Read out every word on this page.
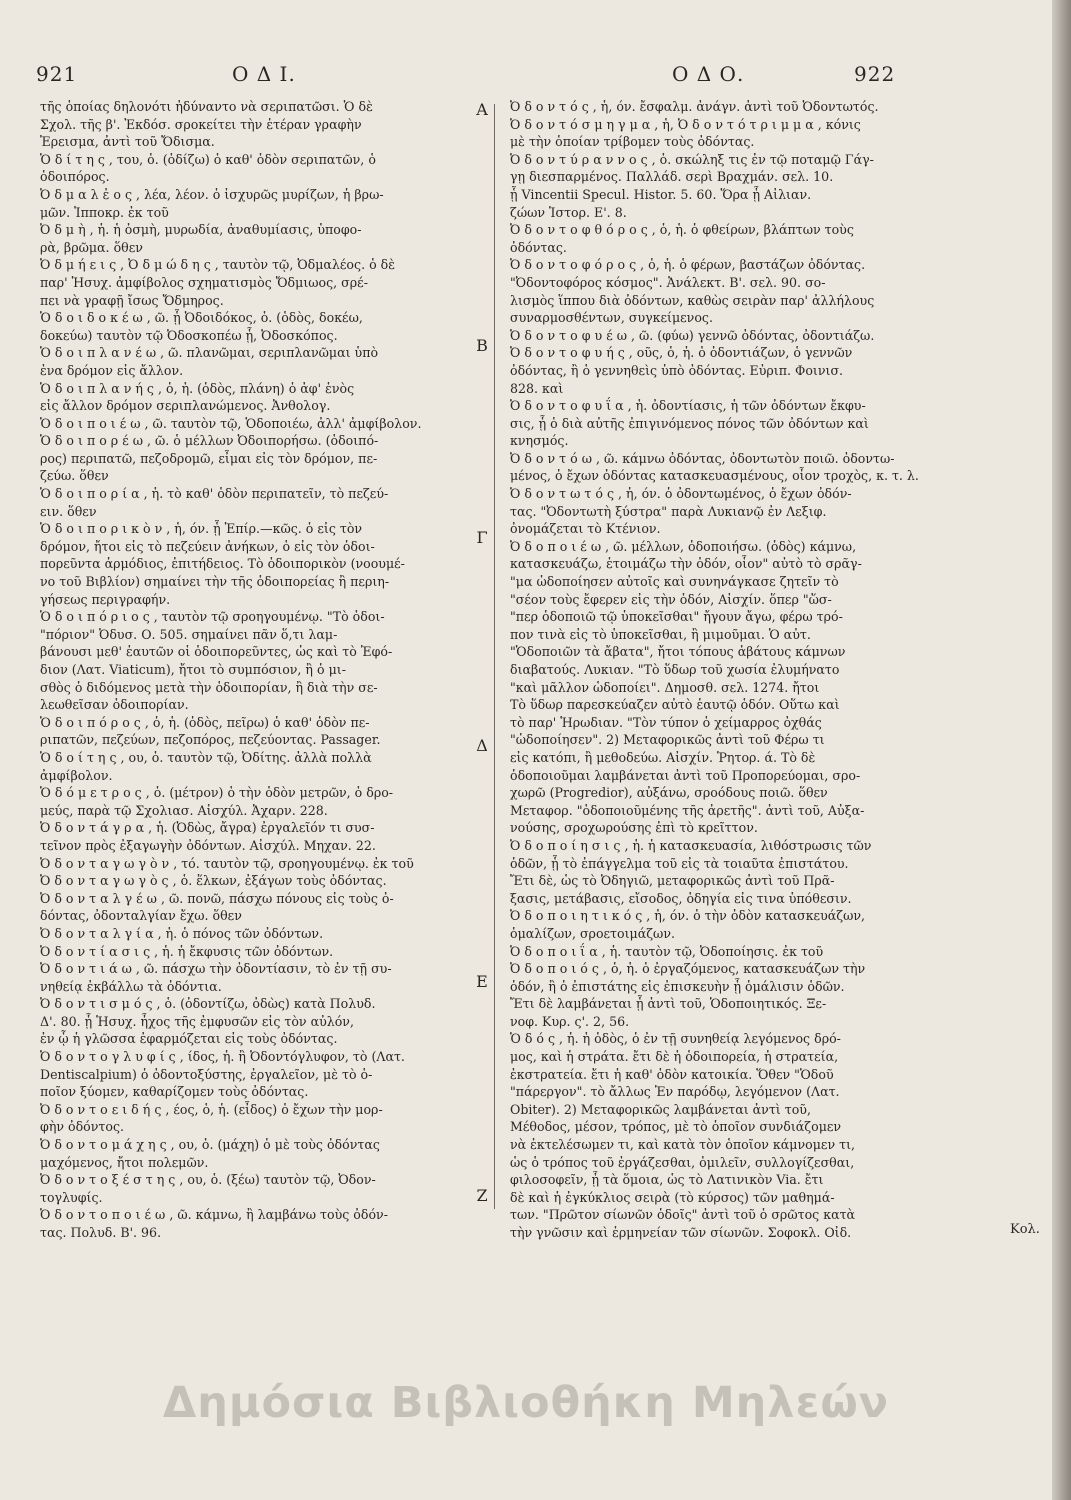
921	Ο Δ Ι.	Ο Δ Ο.	922
τῆς ὁποίας δηλονότι ἠδύναντο νὰ σεριπατῶσι. Ὁ δὲ
Σχολ. τῆς β'. Ἐκδόσ. σροκείτει τὴν ἑτέραν γραφὴν
Ἐρεισμα, ἀντὶ τοῦ Ὄδισμα.
Ὁ δ ί τ η ς , του, ὁ. (ὁδίζω) ὁ καθ' ὁδὸν σεριπατῶν, ὁ
ὁδοιπόρος.
Ὀ δ μ α λ ἐ ο ς , λέα, λέον. ὁ ἰσχυρῶς μυρίζων, ἡ βρω-
μῶν. Ἱπποκρ. ἐκ τοῦ
Ὀ δ μ ὴ , ἡ. ἡ ὀσμὴ, μυρωδία, ἀναθυμίασις, ὑποφο-
ρὰ, βρῶμα. ὅθεν
Ὀ δ μ ή ε ι ς , Ὀ δ μ ώ δ η ς , ταυτὸν τῷ, Ὀδμαλέος. ὁ δὲ
παρ' Ἡσυχ. ἀμφίβολος σχηματισμὸς Ὄδμιωος, σρέ-
πει νὰ γραφῇ ἴσως Ὄδμηρος.
Ὁ δ ο ι δ ο κ έ ω , ῶ. ᾗ Ὀδοιδόκος, ὁ. (ὁδὸς, δοκέω,
δοκεύω) ταυτὸν τῷ Ὀδοσκοπέω ᾗ, Ὀδοσκόπος.
Ὁ δ ο ι π λ α ν έ ω , ῶ. πλανῶμαι, σεριπλανῶμαι ὑπὸ
ἐνα δρόμον εἰς ἄλλον.
Ὁ δ ο ι π λ α ν ή ς , ὁ, ἡ. (ὁδὸς, πλάνη) ὁ ἀφ' ἑνὸς
εἰς ἄλλον δρόμον σεριπλανώμενος. Ἀνθολογ.
Ὁ δ ο ι π ο ι έ ω , ῶ. ταυτὸν τῷ, Ὁδοποιέω, ἀλλ' ἀμφίβολον.
Ὁ δ ο ι π ο ρ έ ω , ῶ. ὁ μέλλων Ὀδοιπορήσω. (ὁδοιπό-
ρος) περιπατῶ, πεζοδρομῶ, εἶμαι εἰς τὸν δρόμον, πε-
ζεύω. ὅθεν
Ὁ δ ο ι π ο ρ ί α , ἡ. τὸ καθ' ὁδὸν περιπατεῖν, τὸ πεζεύ-
ειν. ὅθεν
Ὁ δ ο ι π ο ρ ι κ ὸ ν , ἡ, όν. ᾗ Ἐπίρ.—κῶς. ὁ εἰς τὸν
δρόμον, ἤτοι εἰς τὸ πεζεύειν ἀνήκων, ὁ εἰς τὸν ὁδοι-
πορεῦντα ἁρμόδιος, ἐπιτήδειος. Τὸ ὁδοιπορικὸν (νοουμέ-
νο τοῦ Βιβλίον) σημαίνει τὴν τῆς ὁδοιπορείας ἢ περιη-
γήσεως περιγραφήν.
Ὁ δ ο ι π ό ρ ι ο ς , ταυτὸν τῷ σροηγουμένῳ. "Τὸ ὁδοι-
"πόριον" Ὀδυσ. Ο. 505. σημαίνει πᾶν ὅ,τι λαμ-
βάνουσι μεθ' ἑαυτῶν οἱ ὁδοιπορεῦντες, ὡς καὶ τὸ Ἐφό-
διον (Λατ. Viaticum), ἤτοι τὸ συμπόσιον, ἢ ὁ μι-
σθὸς ὁ διδόμενος μετὰ τὴν ὁδοιπορίαν, ἢ διὰ τὴν σε-
λεωθεῖσαν ὁδοιπορίαν.
Ὁ δ ο ι π ό ρ ο ς , ὁ, ἡ. (ὁδὸς, πεῖρω) ὁ καθ' ὁδὸν πε-
ριπατῶν, πεζεύων, πεζοπόρος, πεζεύοντας. Passager.
Ὁ δ ο ί τ η ς , ου, ὁ. ταυτὸν τῷ, Ὀδίτης. ἀλλὰ πολλὰ
ἀμφίβολον.
Ὁ δ ό μ ε τ ρ ο ς , ὁ. (μέτρον) ὁ τὴν ὁδὸν μετρῶν, ὁ δρο-
μεύς, παρὰ τῷ Σχολιασ. Αἰσχύλ. Ἀχαρν. 228.
Ὀ δ ο ν τ ά γ ρ α , ἡ. (Ὀδὼς, ἄγρα) ἐργαλεῖόν τι συσ-
τεῖνον πρὸς ἐξαγωγὴν ὀδόντων. Αἰσχύλ. Μηχαν. 22.
Ὀ δ ο ν τ α γ ω γ ὸ ν , τό. ταυτὸν τῷ, σροηγουμένῳ. ἐκ τοῦ
Ὀ δ ο ν τ α γ ω γ ὸ ς , ὁ. ἕλκων, ἐξάγων τοὺς ὀδόντας.
Ὀ δ ο ν τ α λ γ έ ω , ῶ. πονῶ, πάσχω πόνους εἰς τοὺς ὀ-
δόντας, ὀδονταλγίαν ἔχω. ὅθεν
Ὀ δ ο ν τ α λ γ ί α , ἡ. ὁ πόνος τῶν ὀδόντων.
Ὀ δ ο ν τ ί α σ ι ς , ἡ. ἡ ἔκφυσις τῶν ὀδόντων.
Ὀ δ ο ν τ ι ά ω , ῶ. πάσχω τὴν ὀδοντίασιν, τὸ ἐν τῇ συ-
νηθείᾳ ἐκβάλλω τὰ ὀδόντια.
Ὀ δ ο ν τ ι σ μ ό ς , ὁ. (ὀδοντίζω, ὀδὼς) κατὰ Πολυδ.
Δ'. 80. ᾗ Ἡσυχ. ἦχος τῆς ἐμφυσῶν εἰς τὸν αὐλόν,
ἐν ᾧ ἡ γλῶσσα ἐφαρμόζεται εἰς τοὺς ὀδόντας.
Ὀ δ ο ν τ ο γ λ υ φ ί ς , ίδος, ἡ. ἢ Ὀδοντόγλυφον, τὸ (Λατ.
Dentiscalpium) ὁ ὀδοντοξύστης, ἐργαλεῖον, μὲ τὸ ὁ-
ποῖον ξύομεν, καθαρίζομεν τοὺς ὀδόντας.
Ὀ δ ο ν τ ο ε ι δ ή ς , έος, ὁ, ἡ. (εἶδος) ὁ ἔχων τὴν μορ-
φὴν ὀδόντος.
Ὀ δ ο ν τ ο μ ά χ η ς , ου, ὁ. (μάχη) ὁ μὲ τοὺς ὀδόντας
μαχόμενος, ἤτοι πολεμῶν.
Ὀ δ ο ν τ ο ξ έ σ τ η ς , ου, ὁ. (ξέω) ταυτὸν τῷ, Ὀδον-
τογλυφίς.
Ὀ δ ο ν τ ο π ο ι έ ω , ῶ. κάμνω, ἢ λαμβάνω τοὺς ὀδόν-
τας. Πολυδ. Β'. 96.
Α
Β
Γ
Δ
Ε
Ζ
Ὀ δ ο ν τ ό ς , ἡ, όν. ἔσφαλμ. ἀνάγν. ἀντὶ τοῦ Ὀδοντωτός.
Ὀ δ ο ν τ ό σ μ η γ μ α , ἡ, Ὀ δ ο ν τ ό τ ρ ι μ μ α , κόνις
μὲ τὴν ὁποίαν τρίβομεν τοὺς ὀδόντας.
Ὀ δ ο ν τ ύ ρ α ν ν ο ς , ὁ. σκώληξ τις ἐν τῷ ποταμῷ Γάγ-
γῃ διεσπαρμένος. Παλλάδ. σερὶ Βραχμάν. σελ. 10.
ᾗ Vincentii Specul. Histor. 5. 60. Ὅρα ᾗ Αἰλιαν.
ζώων Ἱστορ. Ε'. 8.
Ὀ δ ο ν τ ο φ θ ό ρ ο ς , ὁ, ἡ. ὁ φθείρων, βλάπτων τοὺς
ὀδόντας.
Ὀ δ ο ν τ ο φ ό ρ ο ς , ὁ, ἡ. ὁ φέρων, βαστάζων ὀδόντας.
"Ὀδοντοφόρος κόσμος". Ἀνάλεκτ. Β'. σελ. 90. σο-
λισμὸς ἵππου διὰ ὀδόντων, καθὼς σειρὰν παρ' ἀλλήλους
συναρμοσθέντων, συγκείμενος.
Ὀ δ ο ν τ ο φ υ έ ω , ῶ. (φύω) γεννῶ ὀδόντας, ὀδοντιάζω.
Ὀ δ ο ν τ ο φ υ ή ς , οῦς, ὁ, ἡ. ὁ ὀδοντιάζων, ὁ γεννῶν
ὀδόντας, ἢ ὁ γεννηθεὶς ὑπὸ ὀδόντας. Εὐριπ. Φοινισ.
828. καὶ
Ὀ δ ο ν τ ο φ υ ΐ α , ἡ. ὀδοντίασις, ἡ τῶν ὀδόντων ἔκφυ-
σις, ᾗ ὁ διὰ αὐτῆς ἐπιγινόμενος πόνος τῶν ὀδόντων καὶ
κνησμός.
Ὀ δ ο ν τ ό ω , ῶ. κάμνω ὀδόντας, ὀδοντωτὸν ποιῶ. ὀδοντω-
μένος, ὁ ἔχων ὀδόντας κατασκευασμένους, οἷον τροχὸς, κ. τ. λ.
Ὀ δ ο ν τ ω τ ό ς , ἡ, όν. ὁ ὀδοντωμένος, ὁ ἔχων ὀδόν-
τας. "Ὀδοντωτὴ ξύστρα" παρὰ Λυκιανῷ ἐν Λεξιφ.
ὀνομάζεται τὸ Κτένιον.
Ὀ δ ο π ο ι έ ω , ῶ. μέλλων, ὁδοποιήσω. (ὁδὸς) κάμνω,
κατασκευάζω, ἑτοιμάζω τὴν ὁδόν, οἷον" αὐτὸ τὸ σρᾶγ-
"μα ὡδοποίησεν αὐτοῖς καὶ συνηνάγκασε ζητεῖν τὸ
"σέον τοὺς ἔφερεν εἰς τὴν ὁδόν, Αἰσχίν. ὅπερ "ὥσ-
"περ ὁδοποιῶ τῷ ὑποκεῖσθαι" ἤγουν ἄγω, φέρω τρό-
πον τινὰ εἰς τὸ ὑποκεῖσθαι, ἢ μιμοῦμαι. Ὁ αὐτ.
"Ὁδοποιῶν τὰ ἄβατα", ἤτοι τόπους ἀβάτους κάμνων
διαβατούς. Λυκιαν. "Τὸ ὕδωρ τοῦ χωσία ἐλυμήνατο
"καὶ μᾶλλον ὡδοποίει". Δημοσθ. σελ. 1274. ἤτοι
Τὸ ὕδωρ παρεσκεύαζεν αὐτὸ ἑαυτῷ ὁδόν. Οὕτω καὶ
τὸ παρ' Ἡρωδιαν. "Τὸν τύπον ὁ χείμαρρος ὀχθάς
"ὡδοποίησεν". 2) Μεταφορικῶς ἀντὶ τοῦ Φέρω τι
εἰς κατόπι, ἢ μεθοδεύω. Αἰσχίν. Ῥητορ. ά. Τὸ δὲ
ὁδοποιοῦμαι λαμβάνεται ἀντὶ τοῦ Προπορεύομαι, σρο-
χωρῶ (Progredior), αὐξάνω, σροόδους ποιῶ. ὅθεν
Μεταφορ. "ὁδοποιοῦμένης τῆς ἀρετῆς". ἀντὶ τοῦ, Αὐξα-
νούσης, σροχωρούσης ἐπὶ τὸ κρεῖττον.
Ὀ δ ο π ο ί η σ ι ς , ἡ. ἡ κατασκευασία, λιθόστρωσις τῶν
ὁδῶν, ᾗ τὸ ἐπάγγελμα τοῦ εἰς τὰ τοιαῦτα ἐπιστάτου.
Ἔτι δὲ, ὡς τὸ Ὀδηγιῶ, μεταφορικῶς ἀντὶ τοῦ Πρᾶ-
ξασις, μετάβασις, εἴσοδος, ὁδηγία εἰς τινα ὑπόθεσιν.
Ὀ δ ο π ο ι η τ ι κ ό ς , ἡ, όν. ὁ τὴν ὁδὸν κατασκευάζων,
ὁμαλίζων, σροετοιμάζων.
Ὀ δ ο π ο ι ΐ α , ἡ. ταυτὸν τῷ, Ὀδοποίησις. ἐκ τοῦ
Ὀ δ ο π ο ι ό ς , ὁ, ἡ. ὁ ἐργαζόμενος, κατασκευάζων τὴν
ὁδόν, ἢ ὁ ἐπιστάτης εἰς ἐπισκευὴν ᾗ ὁμάλισιν ὁδῶν.
Ἔτι δὲ λαμβάνεται ᾗ ἀντὶ τοῦ, Ὁδοποιητικός. Ξε-
νοφ. Κυρ. ς'. 2, 56.
Ὁ δ ό ς , ἡ. ἡ ὁδὸς, ὁ ἐν τῇ συνηθείᾳ λεγόμενος δρό-
μος, καὶ ἡ στράτα. ἔτι δὲ ἡ ὁδοιπορεία, ἡ στρατεία,
ἐκστρατεία. ἔτι ἡ καθ' ὁδὸν κατοικία. Ὅθεν "Ὁδοῦ
"πάρεργον". τὸ ἄλλως Ἐν παρόδῳ, λεγόμενον (Λατ.
Obiter). 2) Μεταφορικῶς λαμβάνεται ἀντὶ τοῦ,
Μέθοδος, μέσον, τρόπος, μὲ τὸ ὁποῖον συνδιάζομεν
νὰ ἐκτελέσωμεν τι, καὶ κατὰ τὸν ὁποῖον κάμνομεν τι,
ὡς ὁ τρόπος τοῦ ἐργάζεσθαι, ὁμιλεῖν, συλλογίζεσθαι,
φιλοσοφεῖν, ᾗ τὰ ὅμοια, ὡς τὸ Λατινικὸν Via. ἔτι
δὲ καὶ ἡ ἐγκύκλιος σειρὰ (τὸ κύρσος) τῶν μαθημά-
των. "Πρῶτον σίωνῶν ὁδοῖς" ἀντὶ τοῦ ὁ σρῶτος κατὰ
τὴν γνῶσιν καὶ ἑρμηνείαν τῶν σίωνῶν. Σοφοκλ. Οἰδ.	Κολ.
Δημόσια Βιβλιοθήκη Μηλεών
